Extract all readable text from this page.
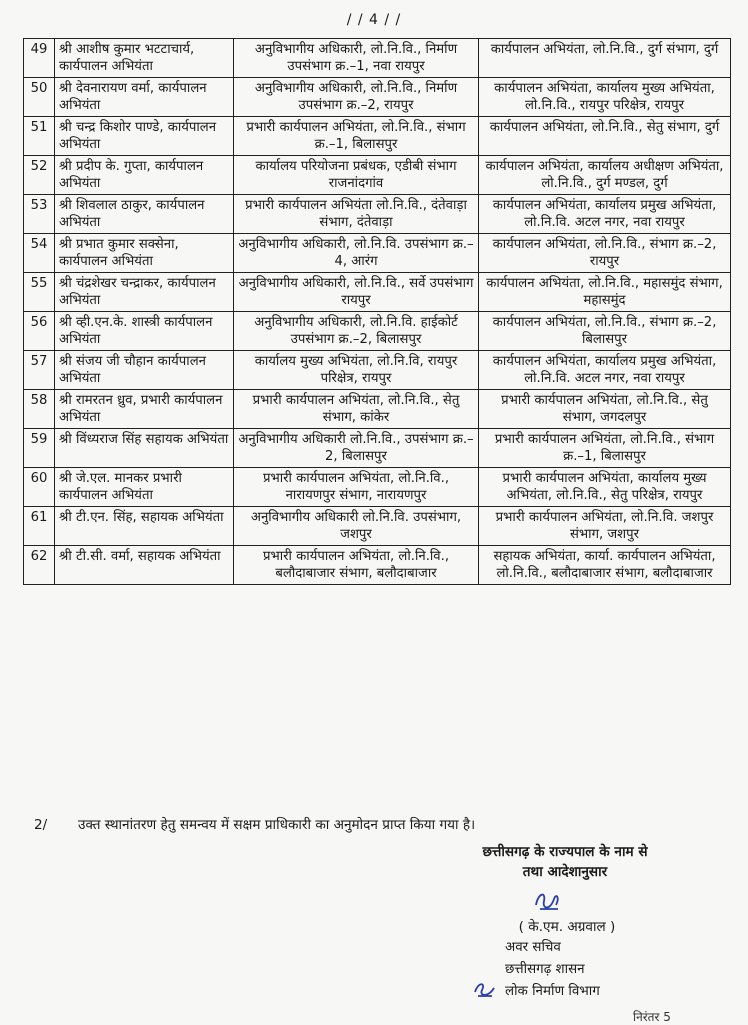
/ / 4 / /
49	श्री आशीष कुमार भटटाचार्य, कार्यपालन अभियंता	अनुविभागीय अधिकारी, लो.नि.वि., निर्माण उपसंभाग क्र.–1, नवा रायपुर	कार्यपालन अभियंता, लो.नि.वि., दुर्ग संभाग, दुर्ग
50	श्री देवनारायण वर्मा, कार्यपालन अभियंता	अनुविभागीय अधिकारी, लो.नि.वि., निर्माण उपसंभाग क्र.–2, रायपुर	कार्यपालन अभियंता, कार्यालय मुख्य अभियंता, लो.नि.वि., रायपुर परिक्षेत्र, रायपुर
51	श्री चन्द्र किशोर पाण्डे, कार्यपालन अभियंता	प्रभारी कार्यपालन अभियंता, लो.नि.वि., संभाग क्र.–1, बिलासपुर	कार्यपालन अभियंता, लो.नि.वि., सेतु संभाग, दुर्ग
52	श्री प्रदीप के. गुप्ता, कार्यपालन अभियंता	कार्यालय परियोजना प्रबंधक, एडीबी संभाग राजनांदगांव	कार्यपालन अभियंता, कार्यालय अधीक्षण अभियंता, लो.नि.वि., दुर्ग मण्डल, दुर्ग
53	श्री शिवलाल ठाकुर, कार्यपालन अभियंता	प्रभारी कार्यपालन अभियंता लो.नि.वि., दंतेवाड़ा संभाग, दंतेवाड़ा	कार्यपालन अभियंता, कार्यालय प्रमुख अभियंता, लो.नि.वि. अटल नगर, नवा रायपुर
54	श्री प्रभात कुमार सक्सेना, कार्यपालन अभियंता	अनुविभागीय अधिकारी, लो.नि.वि. उपसंभाग क्र.–4, आरंग	कार्यपालन अभियंता, लो.नि.वि., संभाग क्र.–2, रायपुर
55	श्री चंद्रशेखर चन्द्राकर, कार्यपालन अभियंता	अनुविभागीय अधिकारी, लो.नि.वि., सर्वे उपसंभाग रायपुर	कार्यपालन अभियंता, लो.नि.वि., महासमुंद संभाग, महासमुंद
56	श्री व्ही.एन.के. शास्त्री कार्यपालन अभियंता	अनुविभागीय अधिकारी, लो.नि.वि. हाईकोर्ट उपसंभाग क्र.–2, बिलासपुर	कार्यपालन अभियंता, लो.नि.वि., संभाग क्र.–2, बिलासपुर
57	श्री संजय जी चौहान कार्यपालन अभियंता	कार्यालय मुख्य अभियंता, लो.नि.वि, रायपुर परिक्षेत्र, रायपुर	कार्यपालन अभियंता, कार्यालय प्रमुख अभियंता, लो.नि.वि. अटल नगर, नवा रायपुर
58	श्री रामरतन ध्रुव, प्रभारी कार्यपालन अभियंता	प्रभारी कार्यपालन अभियंता, लो.नि.वि., सेतु संभाग, कांकेर	प्रभारी कार्यपालन अभियंता, लो.नि.वि., सेतु संभाग, जगदलपुर
59	श्री विंध्यराज सिंह सहायक अभियंता	अनुविभागीय अधिकारी लो.नि.वि., उपसंभाग क्र.–2, बिलासपुर	प्रभारी कार्यपालन अभियंता, लो.नि.वि., संभाग क्र.–1, बिलासपुर
60	श्री जे.एल. मानकर प्रभारी कार्यपालन अभियंता	प्रभारी कार्यपालन अभियंता, लो.नि.वि., नारायणपुर संभाग, नारायणपुर	प्रभारी कार्यपालन अभियंता, कार्यालय मुख्य अभियंता, लो.नि.वि., सेतु परिक्षेत्र, रायपुर
61	श्री टी.एन. सिंह, सहायक अभियंता	अनुविभागीय अधिकारी लो.नि.वि. उपसंभाग, जशपुर	प्रभारी कार्यपालन अभियंता, लो.नि.वि. जशपुर संभाग, जशपुर
62	श्री टी.सी. वर्मा, सहायक अभियंता	प्रभारी कार्यपालन अभियंता, लो.नि.वि., बलौदाबाजार संभाग, बलौदाबाजार	सहायक अभियंता, कार्या. कार्यपालन अभियंता, लो.नि.वि., बलौदाबाजार संभाग, बलौदाबाजार
2/ उक्त स्थानांतरण हेतु समन्वय में सक्षम प्राधिकारी का अनुमोदन प्राप्त किया गया है।
छत्तीसगढ़ के राज्यपाल के नाम से
तथा आदेशानुसार
( के.एम. अग्रवाल )
अवर सचिव
छत्तीसगढ़ शासन
लोक निर्माण विभाग
निरंतर 5
